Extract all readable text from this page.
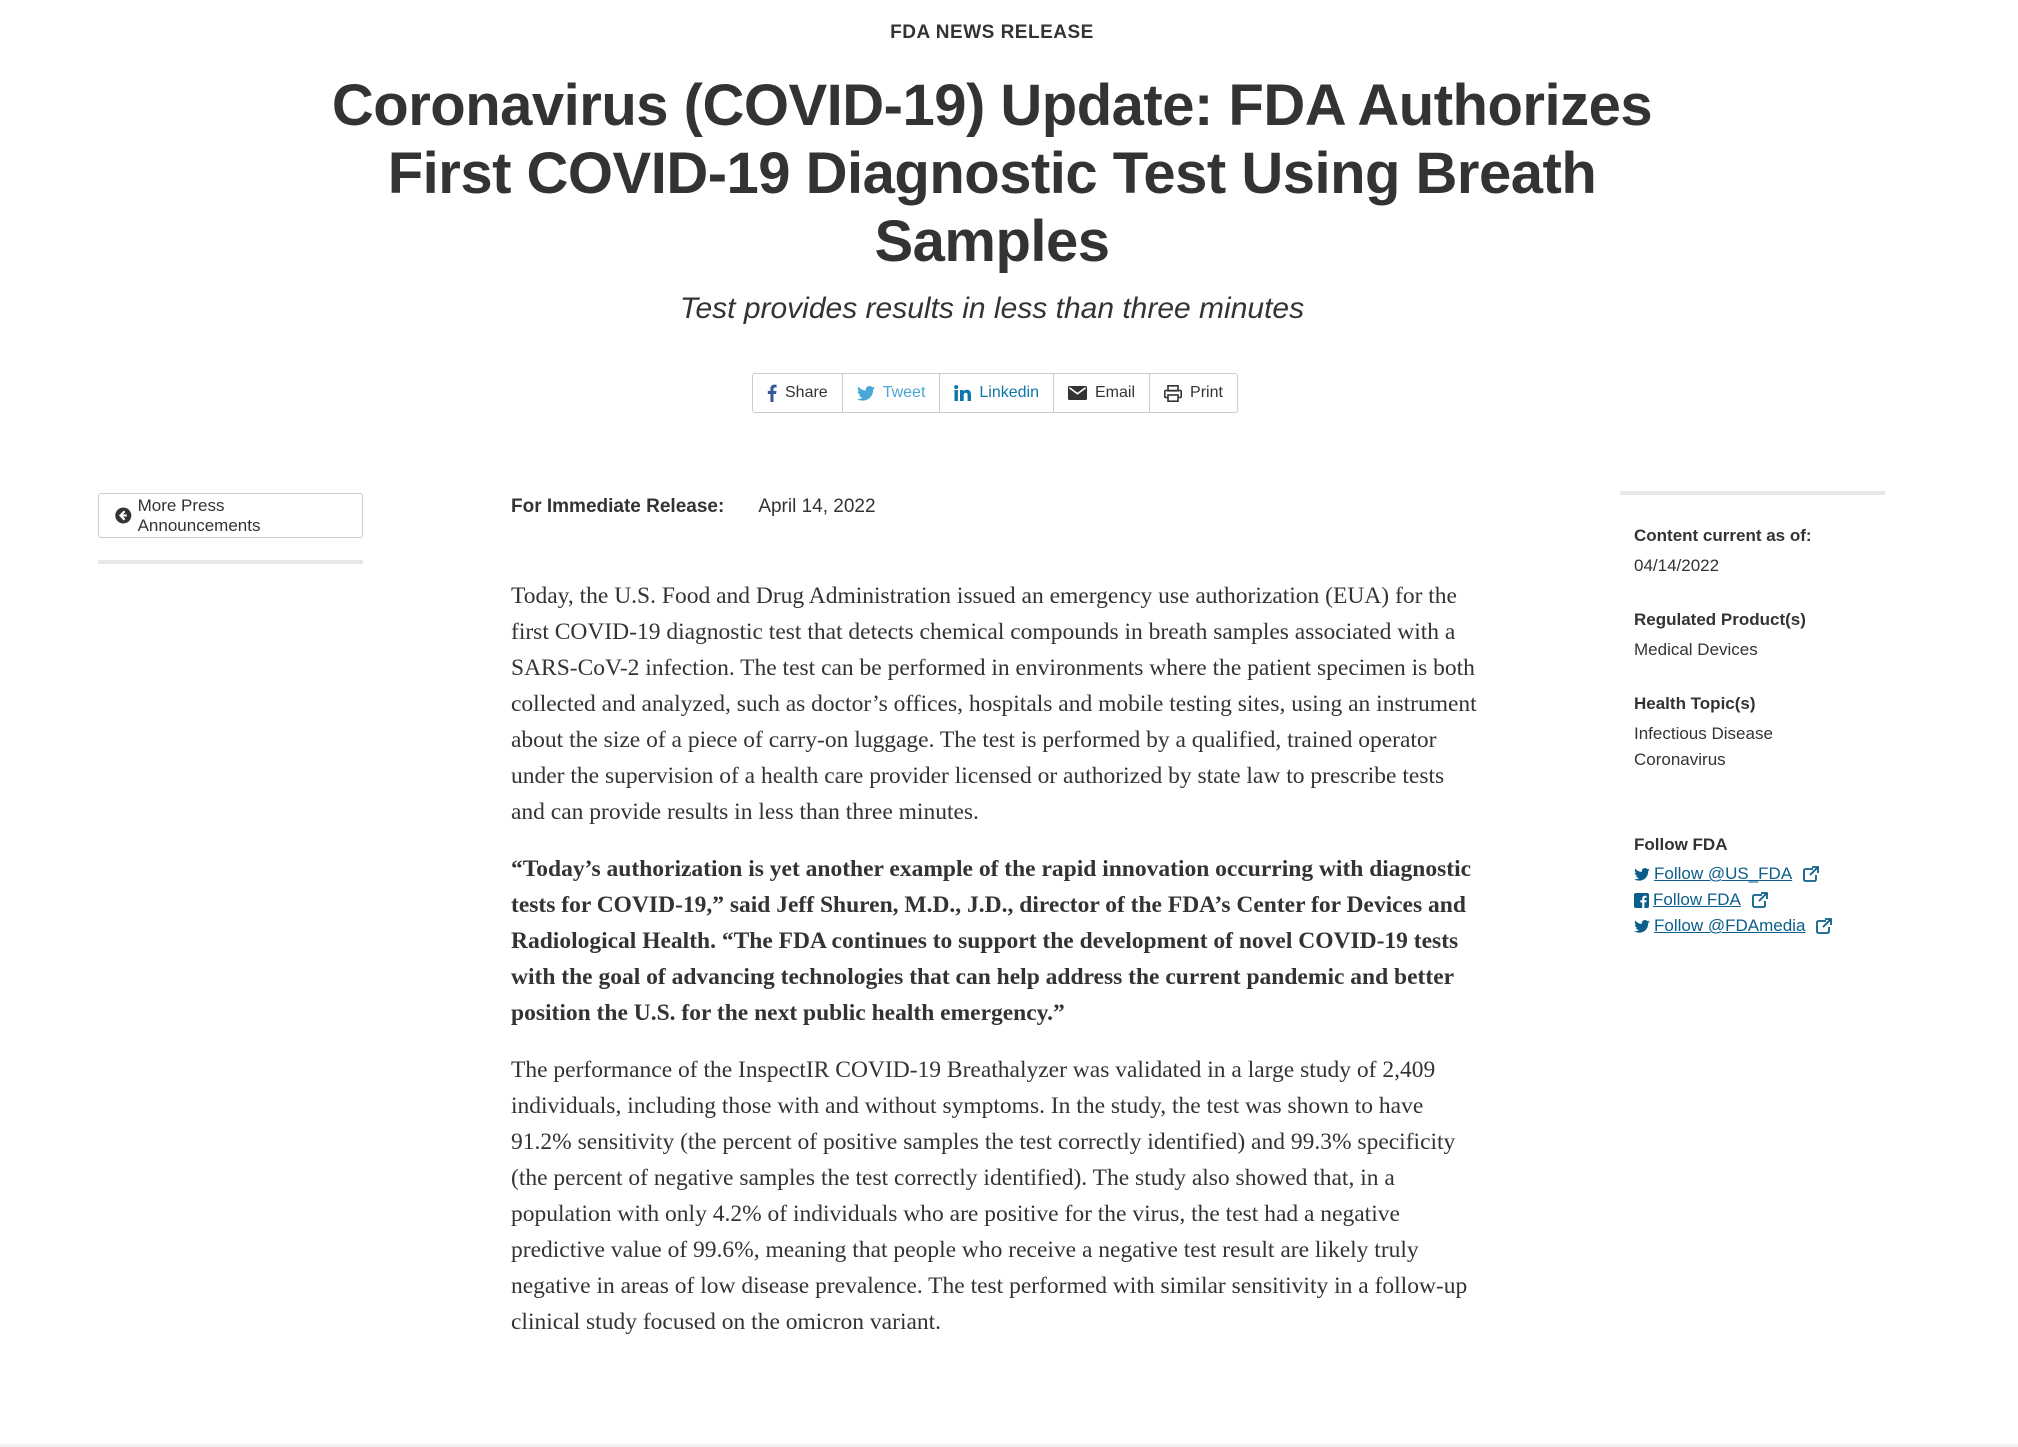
FDA NEWS RELEASE
Coronavirus (COVID-19) Update: FDA Authorizes First COVID-19 Diagnostic Test Using Breath Samples
Test provides results in less than three minutes
Share	Tweet	Linkedin	Email	Print
More Press Announcements
For Immediate Release: April 14, 2022

Today, the U.S. Food and Drug Administration issued an emergency use authorization (EUA) for the first COVID-19 diagnostic test that detects chemical compounds in breath samples associated with a SARS-CoV-2 infection. The test can be performed in environments where the patient specimen is both collected and analyzed, such as doctor’s offices, hospitals and mobile testing sites, using an instrument about the size of a piece of carry-on luggage. The test is performed by a qualified, trained operator under the supervision of a health care provider licensed or authorized by state law to prescribe tests and can provide results in less than three minutes.

“Today’s authorization is yet another example of the rapid innovation occurring with diagnostic tests for COVID-19,” said Jeff Shuren, M.D., J.D., director of the FDA’s Center for Devices and Radiological Health. “The FDA continues to support the development of novel COVID-19 tests with the goal of advancing technologies that can help address the current pandemic and better position the U.S. for the next public health emergency.”

The performance of the InspectIR COVID-19 Breathalyzer was validated in a large study of 2,409 individuals, including those with and without symptoms. In the study, the test was shown to have 91.2% sensitivity (the percent of positive samples the test correctly identified) and 99.3% specificity (the percent of negative samples the test correctly identified). The study also showed that, in a population with only 4.2% of individuals who are positive for the virus, the test had a negative predictive value of 99.6%, meaning that people who receive a negative test result are likely truly negative in areas of low disease prevalence. The test performed with similar sensitivity in a follow-up clinical study focused on the omicron variant.

Content current as of:
04/14/2022
Regulated Product(s)
Medical Devices
Health Topic(s)
Infectious Disease
Coronavirus
Follow FDA
Follow @US_FDA
Follow FDA
Follow @FDAmedia
